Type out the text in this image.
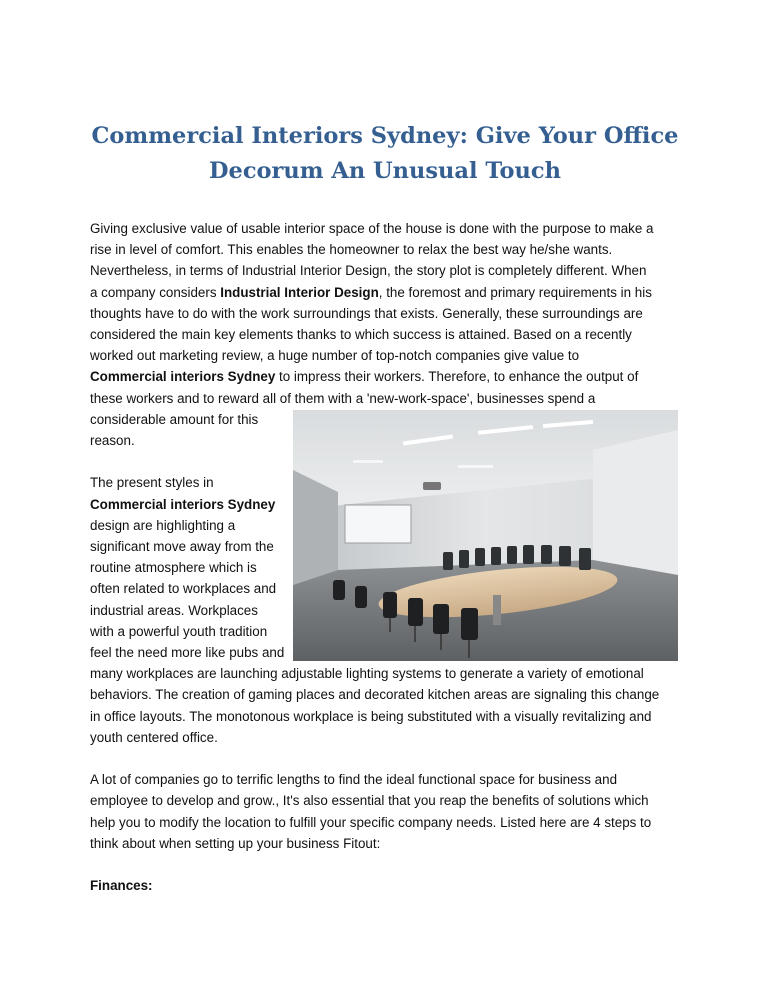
Commercial Interiors Sydney: Give Your Office
Decorum An Unusual Touch

Giving exclusive value of usable interior space of the house is done with the purpose to make a
rise in level of comfort. This enables the homeowner to relax the best way he/she wants.
Nevertheless, in terms of Industrial Interior Design, the story plot is completely different. When
a company considers Industrial Interior Design, the foremost and primary requirements in his
thoughts have to do with the work surroundings that exists. Generally, these surroundings are
considered the main key elements thanks to which success is attained. Based on a recently
worked out marketing review, a huge number of top-notch companies give value to
Commercial interiors Sydney to impress their workers. Therefore, to enhance the output of
these workers and to reward all of them with a 'new-work-space', businesses spend a
considerable amount for this
reason.

The present styles in
Commercial interiors Sydney
design are highlighting a
significant move away from the
routine atmosphere which is
often related to workplaces and
industrial areas. Workplaces
with a powerful youth tradition
feel the need more like pubs and
many workplaces are launching adjustable lighting systems to generate a variety of emotional
behaviors. The creation of gaming places and decorated kitchen areas are signaling this change
in office layouts. The monotonous workplace is being substituted with a visually revitalizing and
youth centered office.

A lot of companies go to terrific lengths to find the ideal functional space for business and
employee to develop and grow., It's also essential that you reap the benefits of solutions which
help you to modify the location to fulfill your specific company needs. Listed here are 4 steps to
think about when setting up your business Fitout:

Finances:
